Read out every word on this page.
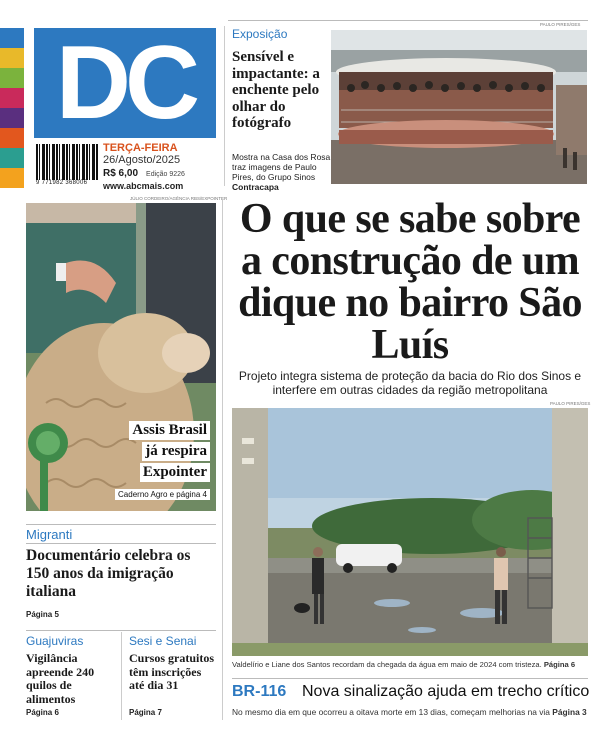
DC
9 771982 368006
TERÇA-FEIRA
26/Agosto/2025
R$ 6,00 Edição 9226
www.abcmais.com
Exposição
Sensível e impactante: a enchente pelo olhar do fotógrafo
Mostra na Casa dos Rosa traz imagens de Paulo Pires, do Grupo Sinos
Contracapa
PAULO PIRES/GES
JÚLIO CORDEIRO/AGÊNCIA RBS/EXPOINTER
Assis Brasil
já respira
Expointer
Caderno Agro e página 4
O que se sabe sobre a construção de um dique no bairro São Luís
Projeto integra sistema de proteção da bacia do Rio dos Sinos e interfere em outras cidades da região metropolitana
PAULO PIRES/GES
Valdelírio e Liane dos Santos recordam da chegada da água em maio de 2024 com tristeza. Página 6
BR-116 Nova sinalização ajuda em trecho crítico
No mesmo dia em que ocorreu a oitava morte em 13 dias, começam melhorias na via Página 3
Migranti
Documentário celebra os 150 anos da imigração italiana
Página 5
Guajuviras
Vigilância apreende 240 quilos de alimentos
Página 6
Sesi e Senai
Cursos gratuitos têm inscrições até dia 31
Página 7
